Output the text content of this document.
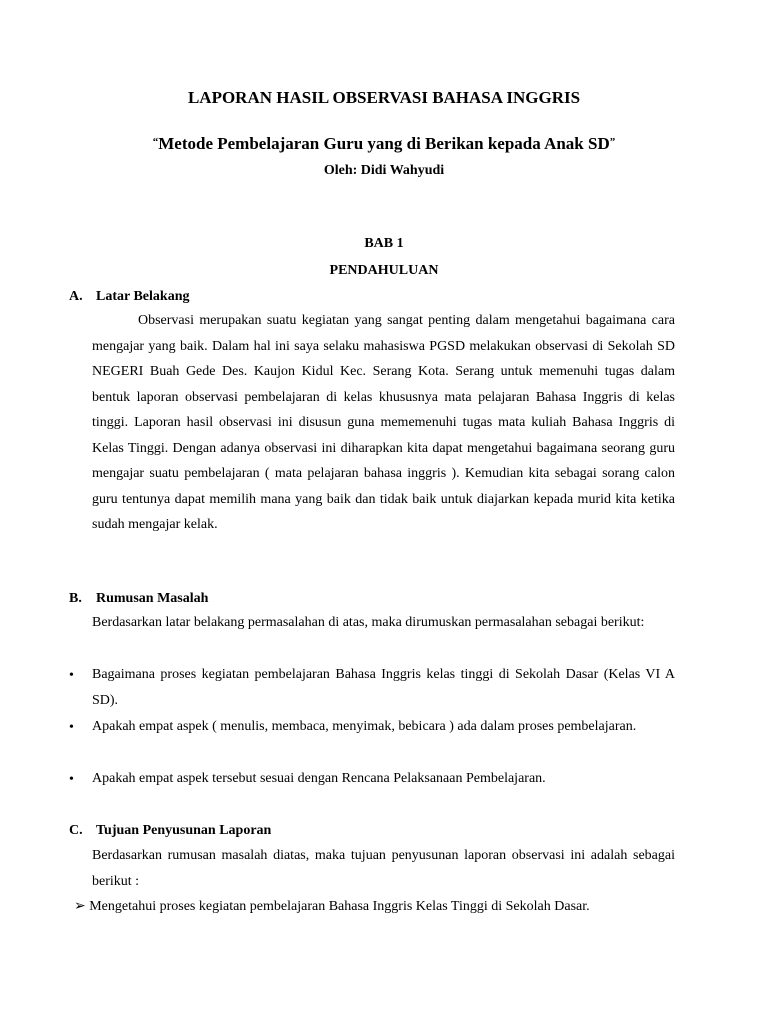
LAPORAN HASIL OBSERVASI BAHASA INGGRIS
“Metode Pembelajaran Guru yang di Berikan kepada Anak SD”
Oleh: Didi Wahyudi
BAB 1
PENDAHULUAN
A. Latar Belakang

Observasi merupakan suatu kegiatan yang sangat penting dalam mengetahui bagaimana cara mengajar yang baik. Dalam hal ini saya selaku mahasiswa PGSD melakukan observasi di Sekolah SD NEGERI Buah Gede Des. Kaujon Kidul Kec. Serang Kota. Serang untuk memenuhi tugas dalam bentuk laporan observasi pembelajaran di kelas khususnya mata pelajaran Bahasa Inggris di kelas tinggi. Laporan hasil observasi ini disusun guna mememenuhi tugas mata kuliah Bahasa Inggris di Kelas Tinggi. Dengan adanya observasi ini diharapkan kita dapat mengetahui bagaimana seorang guru mengajar suatu pembelajaran ( mata pelajaran bahasa inggris ). Kemudian kita sebagai sorang calon guru tentunya dapat memilih mana yang baik dan tidak baik untuk diajarkan kepada murid kita ketika sudah mengajar kelak.

B. Rumusan Masalah

Berdasarkan latar belakang permasalahan di atas, maka dirumuskan permasalahan sebagai berikut:

• Bagaimana proses kegiatan pembelajaran Bahasa Inggris kelas tinggi di Sekolah Dasar (Kelas VI A SD).

• Apakah empat aspek ( menulis, membaca, menyimak, bebicara ) ada dalam proses pembelajaran.

• Apakah empat aspek tersebut sesuai dengan Rencana Pelaksanaan Pembelajaran.

C. Tujuan Penyusunan Laporan

Berdasarkan rumusan masalah diatas, maka tujuan penyusunan laporan observasi ini adalah sebagai berikut :

➢ Mengetahui proses kegiatan pembelajaran Bahasa Inggris Kelas Tinggi di Sekolah Dasar.
